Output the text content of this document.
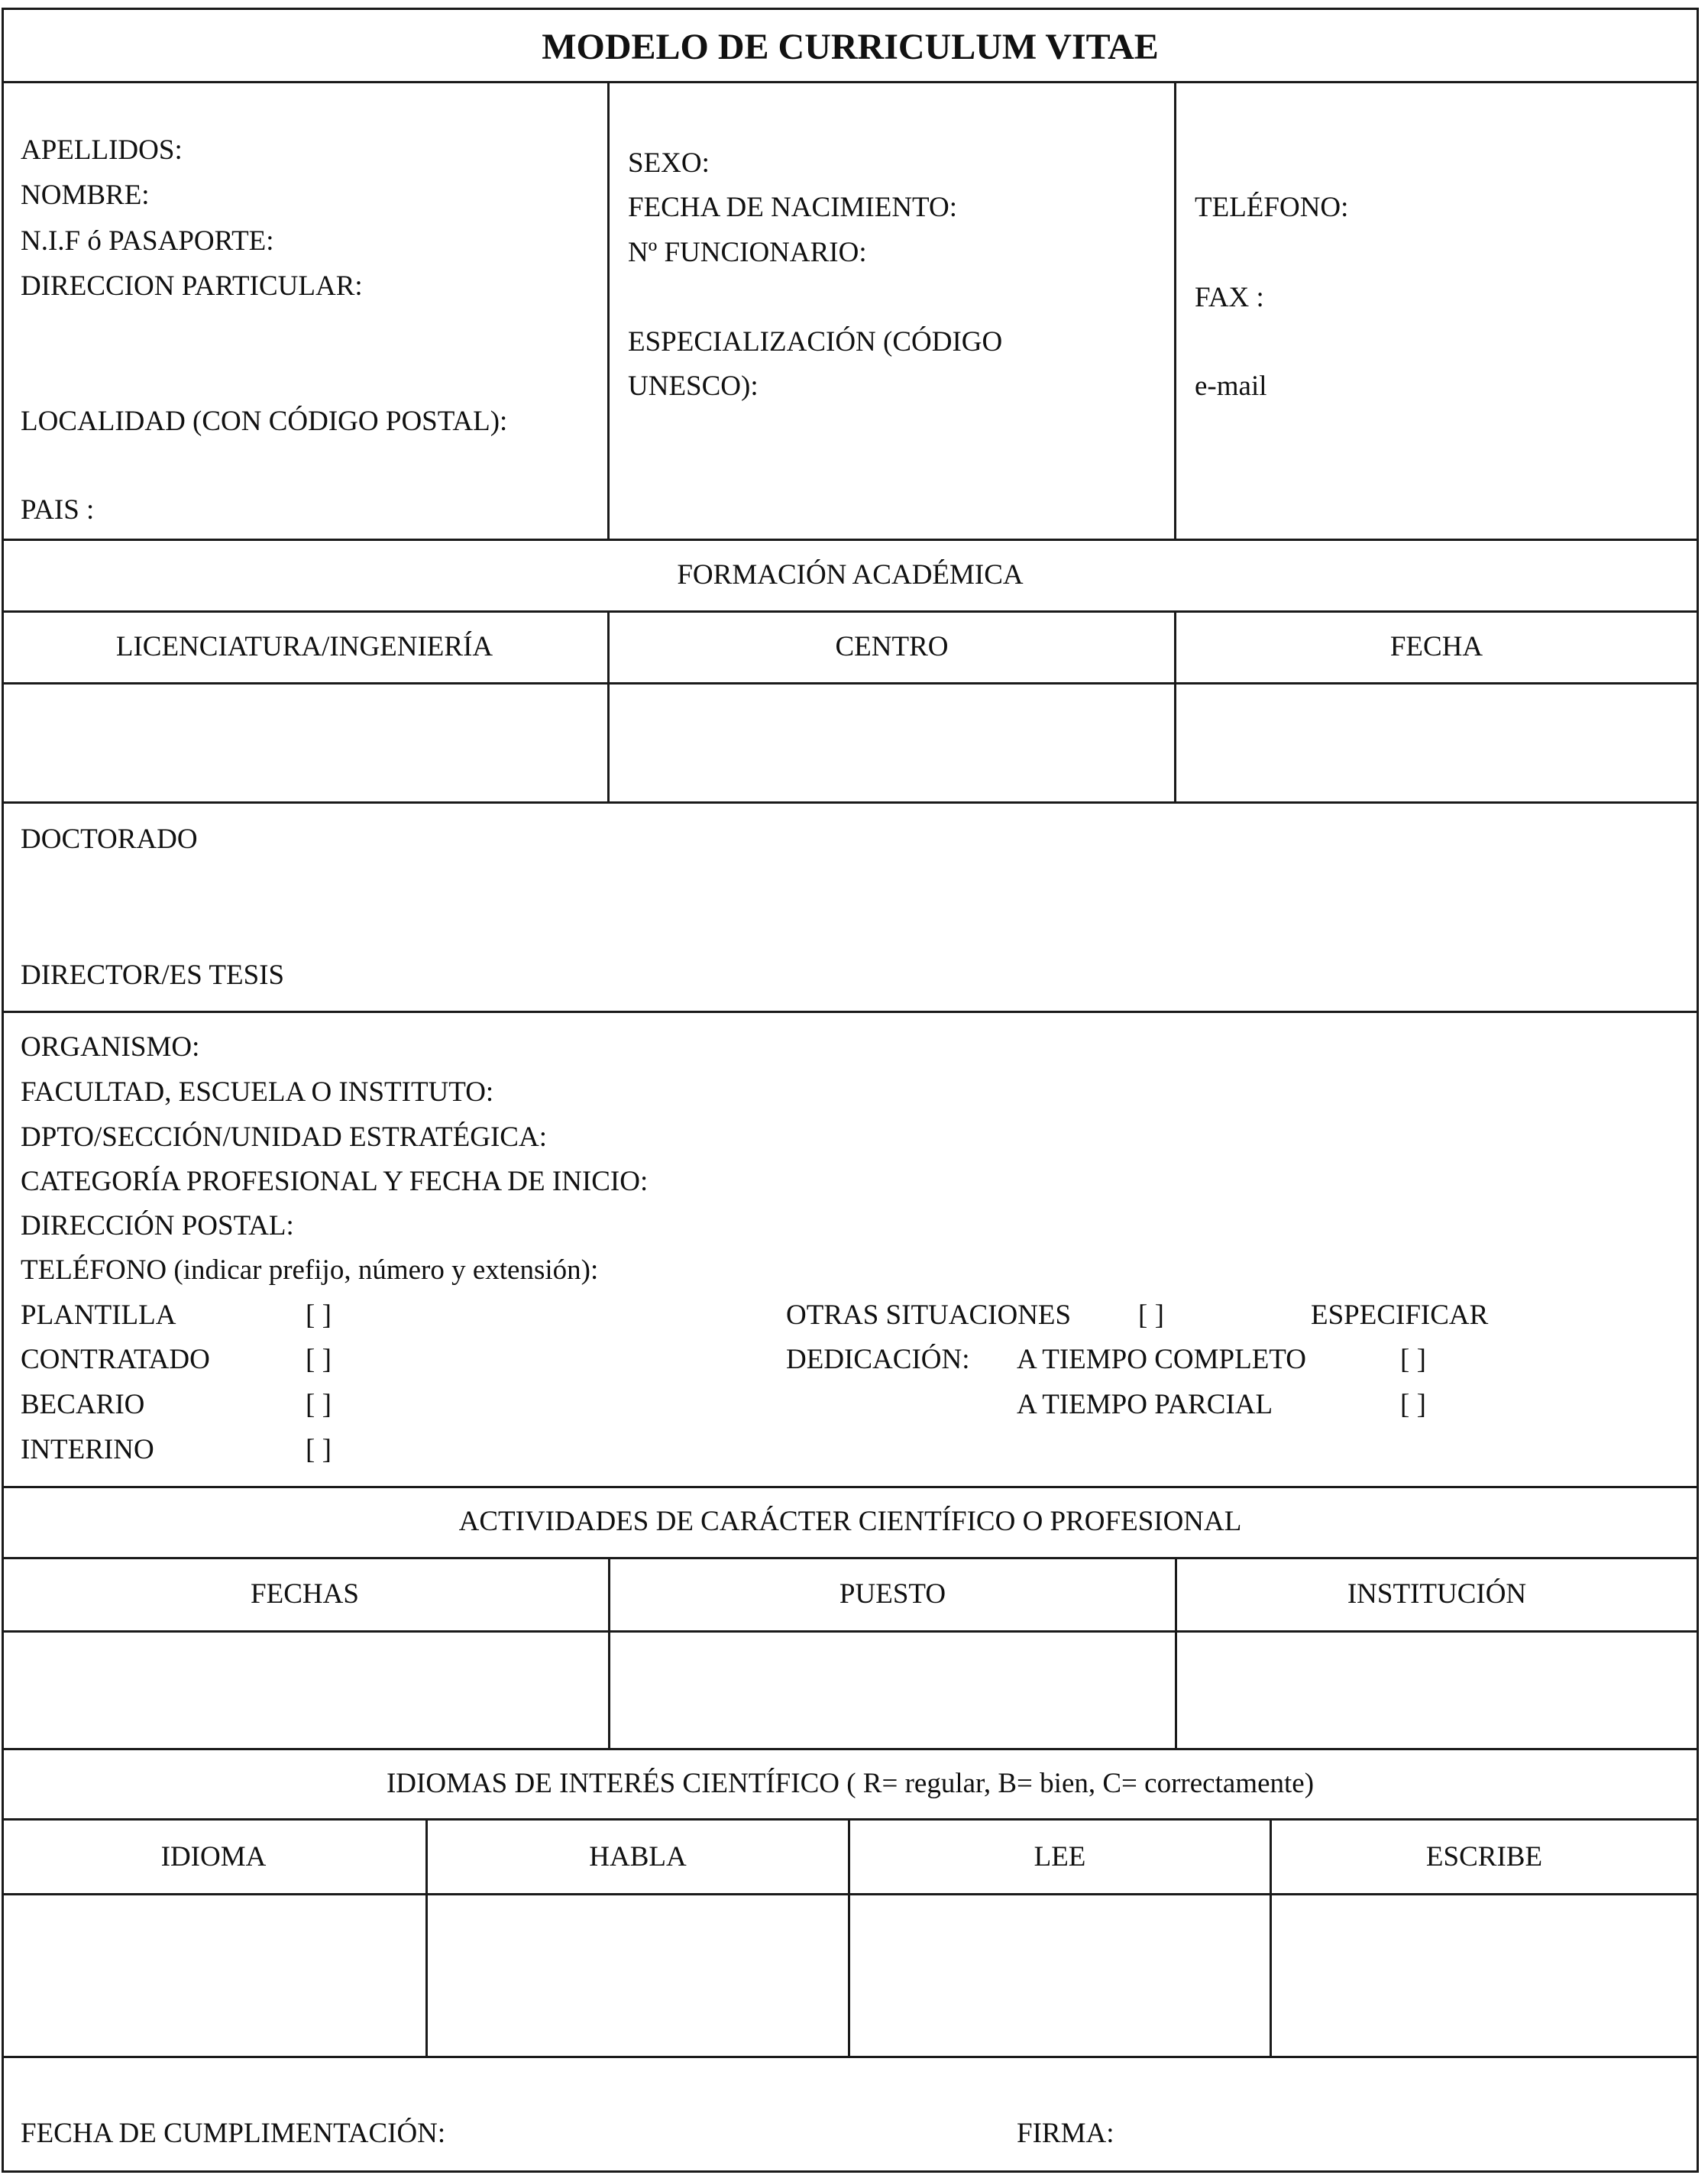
MODELO DE CURRICULUM VITAE
APELLIDOS:
NOMBRE:
N.I.F ó PASAPORTE:
DIRECCION PARTICULAR:
LOCALIDAD (CON CÓDIGO POSTAL):
PAIS :
SEXO:
FECHA DE NACIMIENTO:
Nº FUNCIONARIO:
ESPECIALIZACIÓN (CÓDIGO
UNESCO):
TELÉFONO:
FAX :
e-mail
FORMACIÓN ACADÉMICA
LICENCIATURA/INGENIERÍA	CENTRO	FECHA
DOCTORADO
DIRECTOR/ES TESIS
ORGANISMO:
FACULTAD, ESCUELA O INSTITUTO:
DPTO/SECCIÓN/UNIDAD ESTRATÉGICA:
CATEGORÍA PROFESIONAL Y FECHA DE INICIO:
DIRECCIÓN POSTAL:
TELÉFONO (indicar prefijo, número y extensión):
PLANTILLA	[ ]
CONTRATADO	[ ]
BECARIO	[ ]
INTERINO	[ ]
OTRAS SITUACIONES [ ]	ESPECIFICAR
DEDICACIÓN: A TIEMPO COMPLETO	[ ]
A TIEMPO PARCIAL	[ ]
ACTIVIDADES DE CARÁCTER CIENTÍFICO O PROFESIONAL
FECHAS	PUESTO	INSTITUCIÓN
IDIOMAS DE INTERÉS CIENTÍFICO ( R= regular, B= bien, C= correctamente)
IDIOMA	HABLA	LEE	ESCRIBE
FECHA DE CUMPLIMENTACIÓN:	FIRMA:
